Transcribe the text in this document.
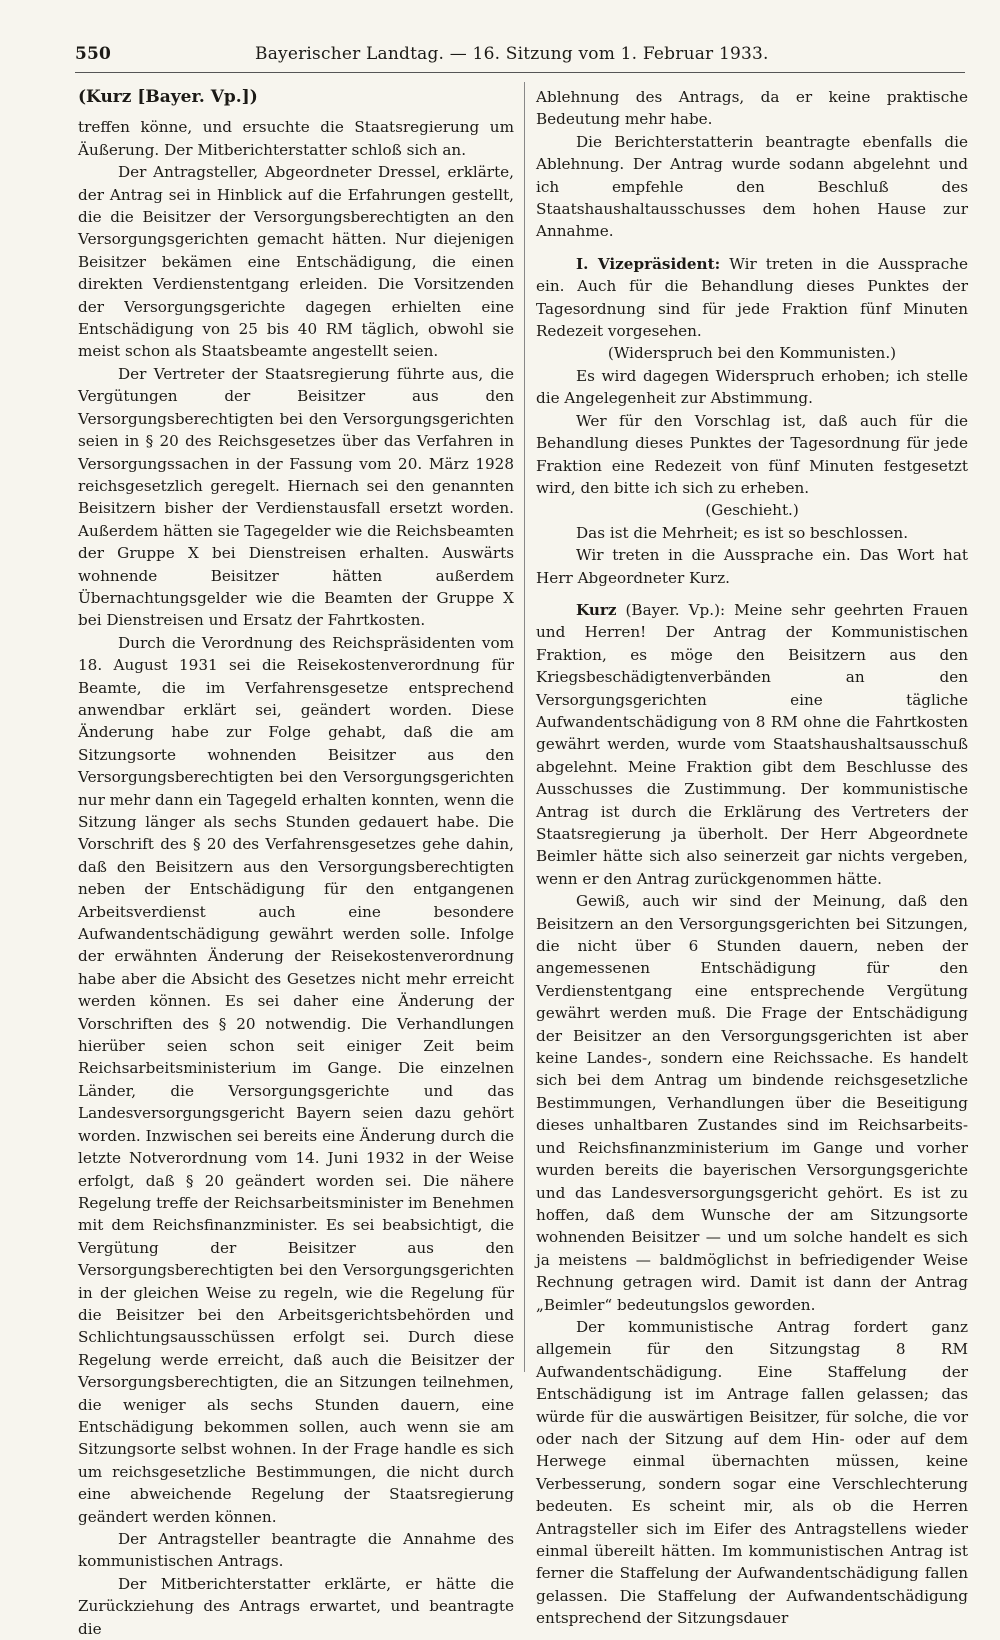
550	Bayerischer Landtag. — 16. Sitzung vom 1. Februar 1933.

(Kurz [Bayer. Vp.])

treffen könne, und ersuchte die Staatsregierung um Äußerung. Der Mitberichterstatter schloß sich an.

Der Antragsteller, Abgeordneter Dressel, erklärte, der Antrag sei in Hinblick auf die Erfahrungen gestellt, die die Beisitzer der Versorgungsberechtigten an den Versorgungsgerichten gemacht hätten. Nur diejenigen Beisitzer bekämen eine Entschädigung, die einen direkten Verdienstentgang erleiden. Die Vorsitzenden der Versorgungsgerichte dagegen erhielten eine Entschädigung von 25 bis 40 RM täglich, obwohl sie meist schon als Staatsbeamte angestellt seien.

Der Vertreter der Staatsregierung führte aus, die Vergütungen der Beisitzer aus den Versorgungsberechtigten bei den Versorgungsgerichten seien in § 20 des Reichsgesetzes über das Verfahren in Versorgungssachen in der Fassung vom 20. März 1928 reichsgesetzlich geregelt. Hiernach sei den genannten Beisitzern bisher der Verdienstausfall ersetzt worden. Außerdem hätten sie Tagegelder wie die Reichsbeamten der Gruppe X bei Dienstreisen erhalten. Auswärts wohnende Beisitzer hätten außerdem Übernachtungsgelder wie die Beamten der Gruppe X bei Dienstreisen und Ersatz der Fahrtkosten.

Durch die Verordnung des Reichspräsidenten vom 18. August 1931 sei die Reisekostenverordnung für Beamte, die im Verfahrensgesetze entsprechend anwendbar erklärt sei, geändert worden. Diese Änderung habe zur Folge gehabt, daß die am Sitzungsorte wohnenden Beisitzer aus den Versorgungsberechtigten bei den Versorgungsgerichten nur mehr dann ein Tagegeld erhalten konnten, wenn die Sitzung länger als sechs Stunden gedauert habe. Die Vorschrift des § 20 des Verfahrensgesetzes gehe dahin, daß den Beisitzern aus den Versorgungsberechtigten neben der Entschädigung für den entgangenen Arbeitsverdienst auch eine besondere Aufwandentschädigung gewährt werden solle. Infolge der erwähnten Änderung der Reisekostenverordnung habe aber die Absicht des Gesetzes nicht mehr erreicht werden können. Es sei daher eine Änderung der Vorschriften des § 20 notwendig. Die Verhandlungen hierüber seien schon seit einiger Zeit beim Reichsarbeitsministerium im Gange. Die einzelnen Länder, die Versorgungsgerichte und das Landesversorgungsgericht Bayern seien dazu gehört worden. Inzwischen sei bereits eine Änderung durch die letzte Notverordnung vom 14. Juni 1932 in der Weise erfolgt, daß § 20 geändert worden sei. Die nähere Regelung treffe der Reichsarbeitsminister im Benehmen mit dem Reichsfinanzminister. Es sei beabsichtigt, die Vergütung der Beisitzer aus den Versorgungsberechtigten bei den Versorgungsgerichten in der gleichen Weise zu regeln, wie die Regelung für die Beisitzer bei den Arbeitsgerichtsbehörden und Schlichtungsausschüssen erfolgt sei. Durch diese Regelung werde erreicht, daß auch die Beisitzer der Versorgungsberechtigten, die an Sitzungen teilnehmen, die weniger als sechs Stunden dauern, eine Entschädigung bekommen sollen, auch wenn sie am Sitzungsorte selbst wohnen. In der Frage handle es sich um reichsgesetzliche Bestimmungen, die nicht durch eine abweichende Regelung der Staatsregierung geändert werden können.

Der Antragsteller beantragte die Annahme des kommunistischen Antrags.

Der Mitberichterstatter erklärte, er hätte die Zurückziehung des Antrags erwartet, und beantragte die

Ablehnung des Antrags, da er keine praktische Bedeutung mehr habe.

Die Berichterstatterin beantragte ebenfalls die Ablehnung. Der Antrag wurde sodann abgelehnt und ich empfehle den Beschluß des Staatshaushaltausschusses dem hohen Hause zur Annahme.

I. Vizepräsident: Wir treten in die Aussprache ein. Auch für die Behandlung dieses Punktes der Tagesordnung sind für jede Fraktion fünf Minuten Redezeit vorgesehen.

(Widerspruch bei den Kommunisten.)

Es wird dagegen Widerspruch erhoben; ich stelle die Angelegenheit zur Abstimmung.

Wer für den Vorschlag ist, daß auch für die Behandlung dieses Punktes der Tagesordnung für jede Fraktion eine Redezeit von fünf Minuten festgesetzt wird, den bitte ich sich zu erheben.

(Geschieht.)

Das ist die Mehrheit; es ist so beschlossen.

Wir treten in die Aussprache ein. Das Wort hat Herr Abgeordneter Kurz.

Kurz (Bayer. Vp.): Meine sehr geehrten Frauen und Herren! Der Antrag der Kommunistischen Fraktion, es möge den Beisitzern aus den Kriegsbeschädigtenverbänden an den Versorgungsgerichten eine tägliche Aufwandentschädigung von 8 RM ohne die Fahrtkosten gewährt werden, wurde vom Staatshaushaltsausschuß abgelehnt. Meine Fraktion gibt dem Beschlusse des Ausschusses die Zustimmung. Der kommunistische Antrag ist durch die Erklärung des Vertreters der Staatsregierung ja überholt. Der Herr Abgeordnete Beimler hätte sich also seinerzeit gar nichts vergeben, wenn er den Antrag zurückgenommen hätte.

Gewiß, auch wir sind der Meinung, daß den Beisitzern an den Versorgungsgerichten bei Sitzungen, die nicht über 6 Stunden dauern, neben der angemessenen Entschädigung für den Verdienstentgang eine entsprechende Vergütung gewährt werden muß. Die Frage der Entschädigung der Beisitzer an den Versorgungsgerichten ist aber keine Landes-, sondern eine Reichssache. Es handelt sich bei dem Antrag um bindende reichsgesetzliche Bestimmungen, Verhandlungen über die Beseitigung dieses unhaltbaren Zustandes sind im Reichsarbeits- und Reichsfinanzministerium im Gange und vorher wurden bereits die bayerischen Versorgungsgerichte und das Landesversorgungsgericht gehört. Es ist zu hoffen, daß dem Wunsche der am Sitzungsorte wohnenden Beisitzer — und um solche handelt es sich ja meistens — baldmöglichst in befriedigender Weise Rechnung getragen wird. Damit ist dann der Antrag „Beimler“ bedeutungslos geworden.

Der kommunistische Antrag fordert ganz allgemein für den Sitzungstag 8 RM Aufwandentschädigung. Eine Staffelung der Entschädigung ist im Antrage fallen gelassen; das würde für die auswärtigen Beisitzer, für solche, die vor oder nach der Sitzung auf dem Hin- oder auf dem Herwege einmal übernachten müssen, keine Verbesserung, sondern sogar eine Verschlechterung bedeuten. Es scheint mir, als ob die Herren Antragsteller sich im Eifer des Antragstellens wieder einmal übereilt hätten. Im kommunistischen Antrag ist ferner die Staffelung der Aufwandentschädigung fallen gelassen. Die Staffelung der Aufwandentschädigung entsprechend der Sitzungsdauer
